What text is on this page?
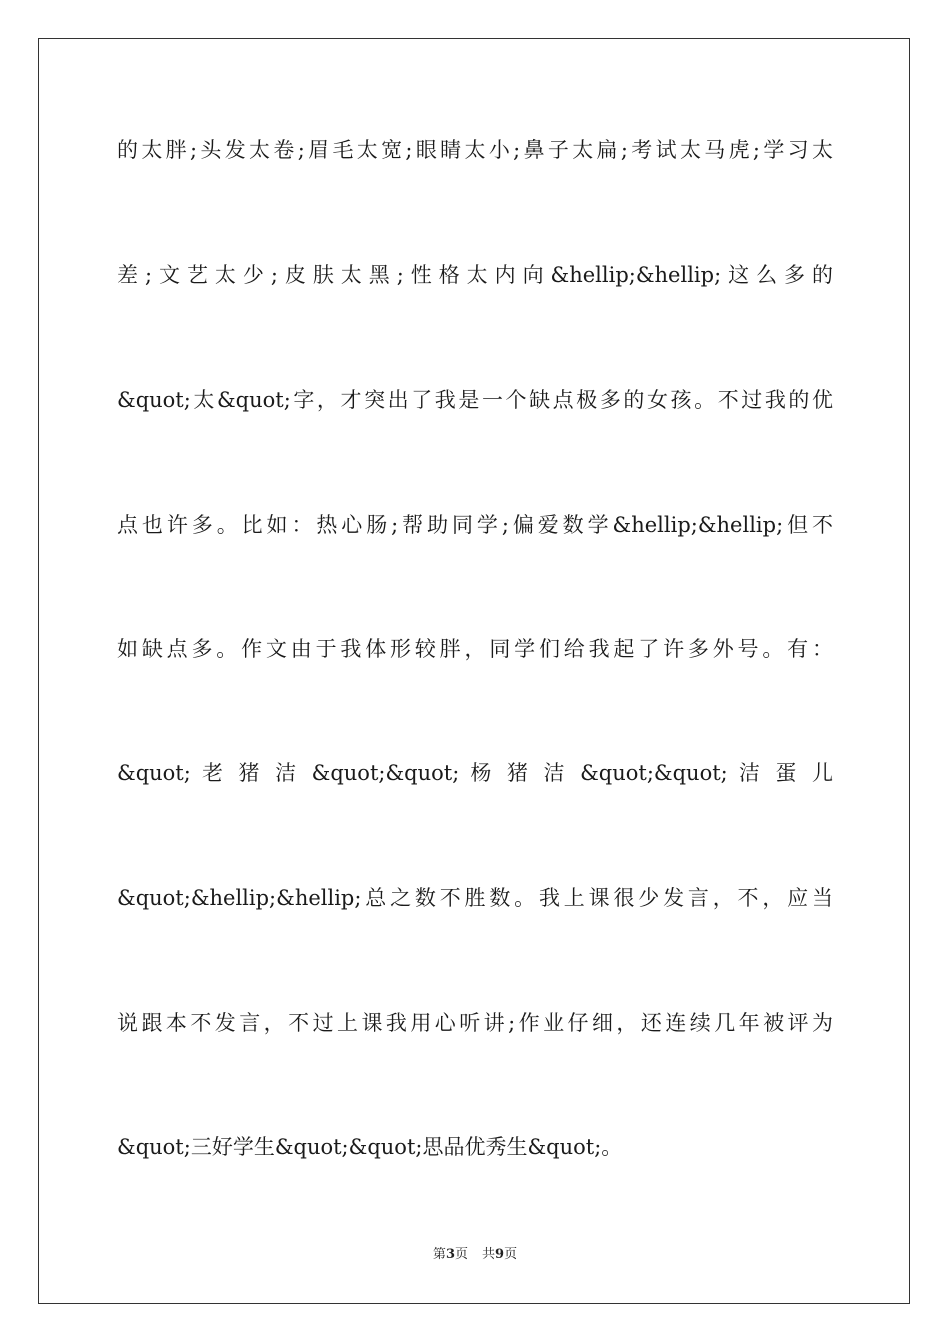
的太胖;头发太卷;眉毛太宽;眼睛太小;鼻子太扁;考试太马虎;学习太
差;文艺太少;皮肤太黑;性格太内向&hellip;&hellip;这么多的
&quot;太&quot;字，才突出了我是一个缺点极多的女孩。不过我的优
点也许多。比如：热心肠;帮助同学;偏爱数学&hellip;&hellip;但不
如缺点多。作文由于我体形较胖，同学们给我起了许多外号。有：
&quot; 老 猪 洁 &quot;&quot; 杨 猪 洁 &quot;&quot; 洁 蛋 儿
&quot;&hellip;&hellip;总之数不胜数。我上课很少发言，不，应当
说跟本不发言，不过上课我用心听讲;作业仔细，还连续几年被评为
&quot;三好学生&quot;&quot;思品优秀生&quot;。
第3页 共9页
